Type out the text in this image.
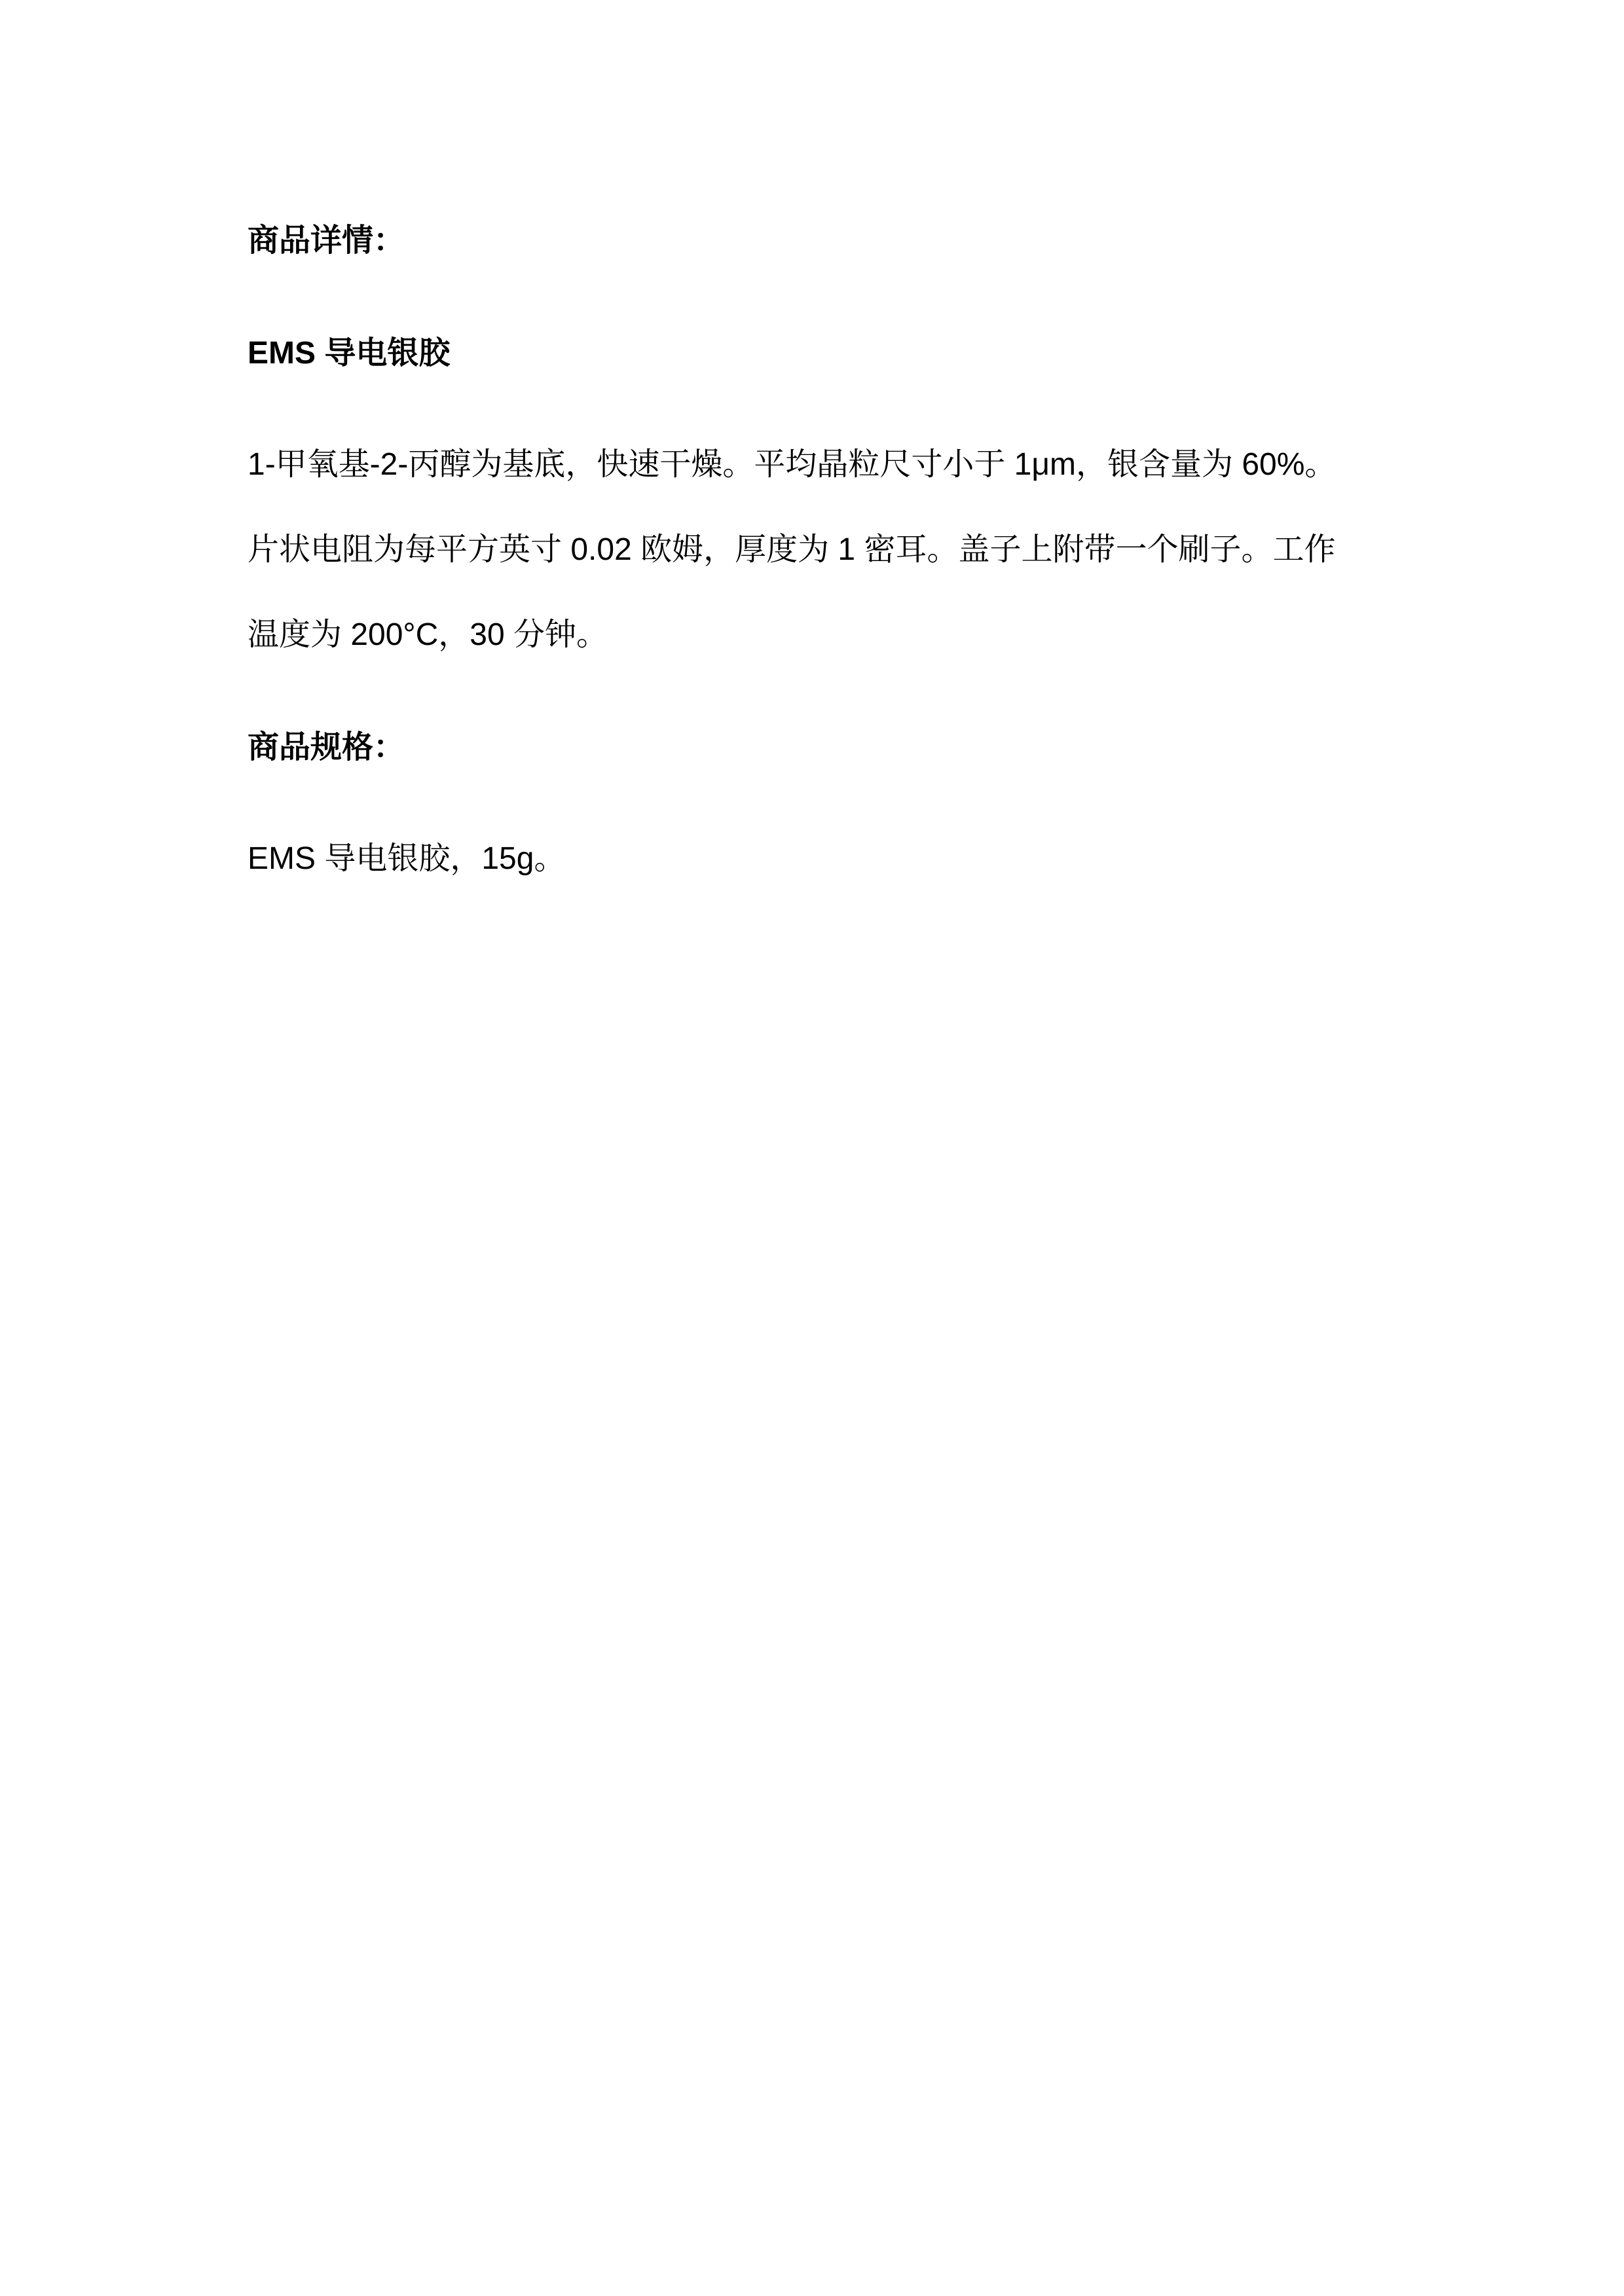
商品详情：
EMS 导电银胶
1-甲氧基-2-丙醇为基底，快速干燥。平均晶粒尺寸小于 1μm，银含量为 60%。
片状电阻为每平方英寸 0.02 欧姆，厚度为 1 密耳。盖子上附带一个刷子。工作
温度为 200°C，30 分钟。
商品规格：
EMS 导电银胶，15g。
